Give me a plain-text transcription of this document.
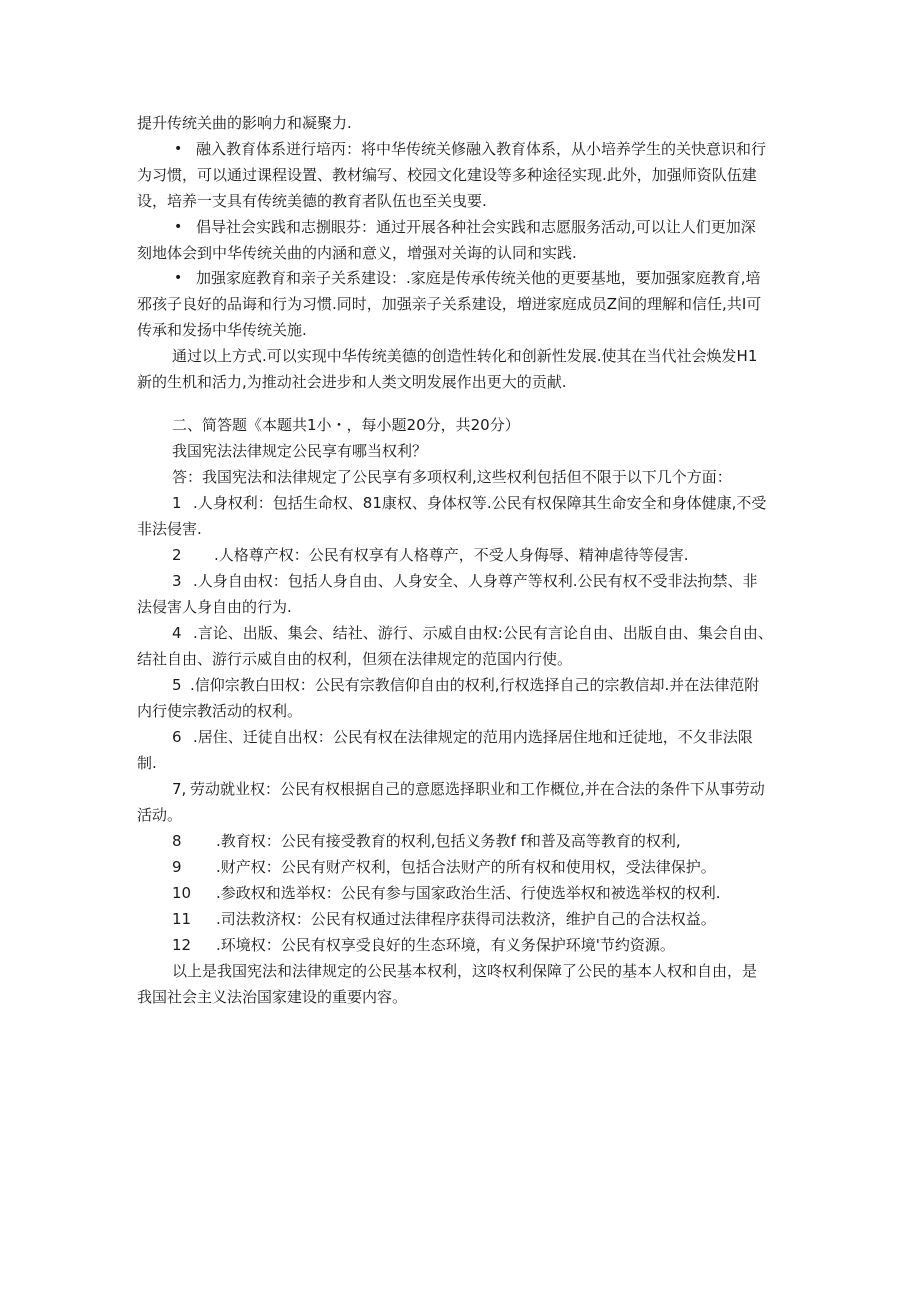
提升传统关曲的影响力和凝聚力.
• 融入教育体系迸行培丙：将中华传统关修融入教育体系，从小培养学生的关快意识和行
为习惯，可以通过课程设置、教材编写、校园文化建设等多种途径实现.此外，加强师资队伍建
设，培养一支具有传统美德的教育者队伍也至关曳要.
• 倡导社会实践和志捌眼芬：通过开展各种社会实践和志愿服务活动,可以让人们更加深
刻地体会到中华传统关曲的内涵和意义，增强对关诲的认同和实践.
• 加强家庭教育和亲子关系建设：.家庭是传承传统关他的更要基地，要加强家庭教育,培
邪孩子良好的品诲和行为习惯.同时，加强亲子关系建设，増迸家庭成员Z间的理解和信任,共I可
传承和发扬中华传统关施.
通过以上方式.可以实现中华传统美德的创造性转化和创新性发展.使其在当代社会焕发H1
新的生机和活力,为推动社会进步和人类文明发展作出更大的贡献.
二、简答题《本题共1小・，每小题20分，共20分）
我国宪法法律规定公民享有哪当权利？
答：我国宪法和法律规定了公民享有多项权利,这些权利包括但不限于以下几个方面：
1 .人身权利：包括生命权、81康权、身体权等.公民有权保障其生命安全和身体健康,不受
非法侵害.
2 .人格尊产权：公民有权享有人格尊产，不受人身侮辱、精神虐待等侵害.
3 .人身自由权：包括人身自由、人身安全、人身尊产等权利.公民有权不受非法拘禁、非
法侵害人身自由的行为.
4 .言论、出版、集会、结社、游行、示威自由权:公民有言论自由、出版自由、集会自由、
结社自由、游行示威自由的权利，但须在法律规定的范国内行使。
5 .信仰宗教白田权：公民有宗教信仰自由的权利,行权选择自己的宗教信却.并在法律范附
内行使宗教活动的权利。
6 .居住、迁徒自出权：公民有权在法律规定的范用内选择居住地和迁徒地，不夂非法限
制.
7, 劳动就业权：公民有权根据自己的意愿选择职业和工作概位,并在合法的条件下从事劳动
活动。
8 .教育权：公民有接受教育的权利,包括义务教f f和普及高等教育的权利,
9 .财产权：公民有财产权利，包括合法财产的所有权和使用权，受法律保护。
10 .参政权和选举权：公民有参与国家政治生活、行使选举权和被选举权的权利.
11 .司法救济权：公民有权通过法律程序获得司法救济，维护自己的合法权益。
12 .环境权：公民有权享受良好的生态环境，有义务保护环境'节约资源。
以上是我国宪法和法律规定的公民基本权利，这咚权利保障了公民的基本人权和自由，是
我国社会主义法治国家建设的重要内容。
